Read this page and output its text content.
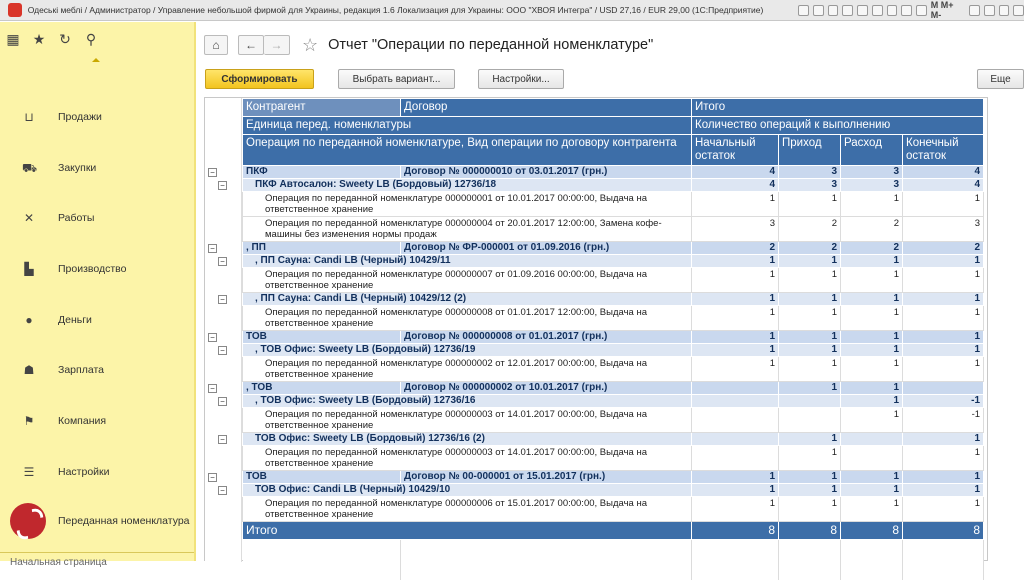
Одеські меблі / Администратор / Управление небольшой фирмой для Украины, редакция 1.6 Локализация для Украины: ООО "ХВОЯ Интегра" / USD 27,16 / EUR 29,00 (1С:Предприятие)	M M+ M-
▦ ★ ↻ ⚲
⊔ Продажи
⛟ Закупки
✕ Работы
▙ Производство
●	Деньги
☗ Зарплата
⚑ Компания
☰ Настройки
Переданная номенклатура
Начальная страница
⌂ ← → ☆ Отчет "Операции по переданной номенклатуре"
Сформировать	Выбрать вариант...	Настройки...	Еще
−
−
−
−
−
−
−
−
−
−
−
−
Контрагент	Договор	Итого			
Единица перед. номенклатуры		Количество операций к выполнению			
Операция по переданной номенклатуре, Вид операции по договору контрагента		Начальный остаток	Приход	Расход	Конечный остаток
ПКФ	Договор № 000000010 от 03.01.2017 (грн.)	4	3	3	4
ПКФ Автосалон: Sweety LB (Бордовый) 12736/18		4	3	3	4
Операция по переданной номенклатуре 000000001 от 10.01.2017 00:00:00, Выдача на ответственное хранение		1	1	1	1
Операция по переданной номенклатуре 000000004 от 20.01.2017 12:00:00, Замена кофе-машины без изменения нормы продаж		3	2	2	3
, ПП	Договор № ФР-000001 от 01.09.2016 (грн.)	2	2	2	2
, ПП Сауна: Candi LB (Черный) 10429/11		1	1	1	1
Операция по переданной номенклатуре 000000007 от 01.09.2016 00:00:00, Выдача на ответственное хранение		1	1	1	1
, ПП Сауна: Candi LB (Черный) 10429/12 (2)		1	1	1	1
Операция по переданной номенклатуре 000000008 от 01.01.2017 12:00:00, Выдача на ответственное хранение		1	1	1	1
ТОВ	Договор № 000000008 от 01.01.2017 (грн.)	1	1	1	1
, ТОВ Офис: Sweety LB (Бордовый) 12736/19		1	1	1	1
Операция по переданной номенклатуре 000000002 от 12.01.2017 00:00:00, Выдача на ответственное хранение		1	1	1	1
, ТОВ	Договор № 000000002 от 10.01.2017 (грн.)		1	1	
, ТОВ Офис: Sweety LB (Бордовый) 12736/16				1	-1
Операция по переданной номенклатуре 000000003 от 14.01.2017 00:00:00, Выдача на ответственное хранение				1	-1
ТОВ Офис: Sweety LB (Бордовый) 12736/16 (2)			1		1
Операция по переданной номенклатуре 000000003 от 14.01.2017 00:00:00, Выдача на ответственное хранение			1		1
ТОВ	Договор № 00-000001 от 15.01.2017 (грн.)	1	1	1	1
ТОВ Офис: Candi LB (Черный) 10429/10		1	1	1	1
Операция по переданной номенклатуре 000000006 от 15.01.2017 00:00:00, Выдача на ответственное хранение		1	1	1	1
Итого		8	8	8	8
